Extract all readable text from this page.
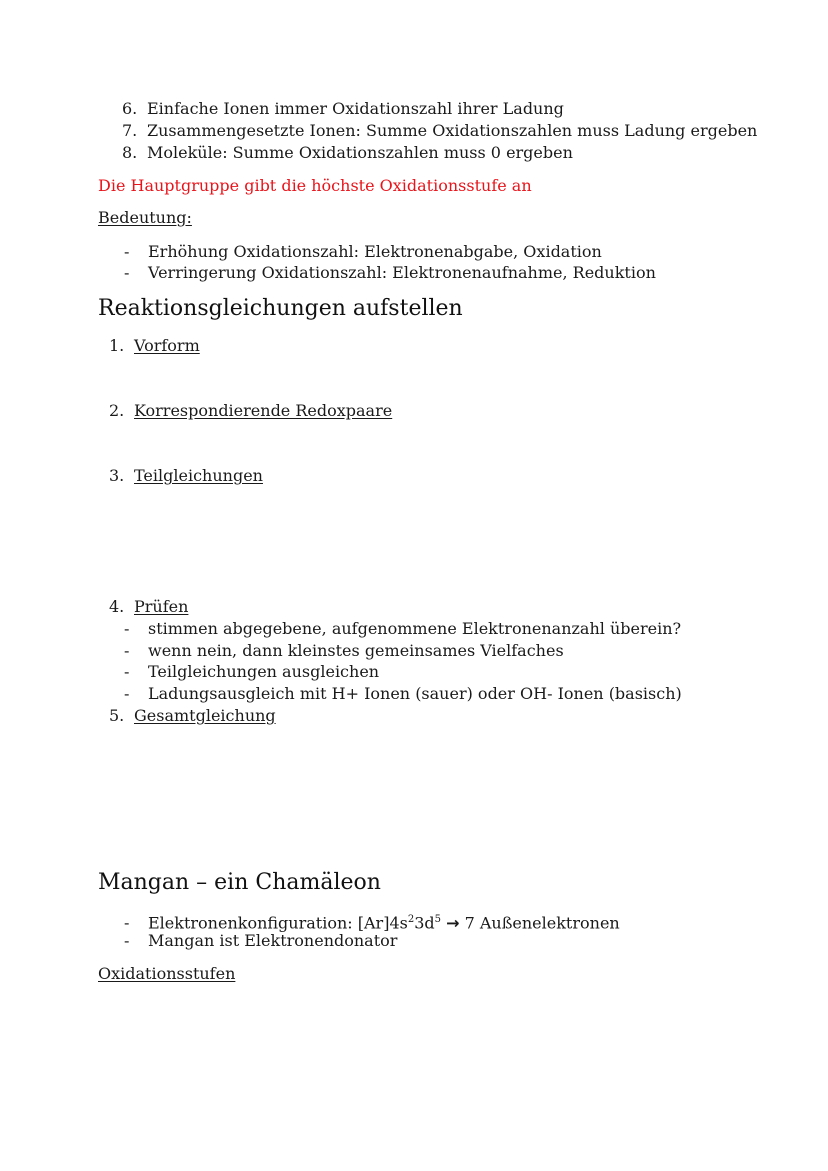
6. Einfache Ionen immer Oxidationszahl ihrer Ladung
7. Zusammengesetzte Ionen: Summe Oxidationszahlen muss Ladung ergeben
8. Moleküle: Summe Oxidationszahlen muss 0 ergeben
Die Hauptgruppe gibt die höchste Oxidationsstufe an
Bedeutung:
- Erhöhung Oxidationszahl: Elektronenabgabe, Oxidation
- Verringerung Oxidationszahl: Elektronenaufnahme, Reduktion
Reaktionsgleichungen aufstellen
1. Vorform
2. Korrespondierende Redoxpaare
3. Teilgleichungen
4. Prüfen
- stimmen abgegebene, aufgenommene Elektronenanzahl überein?
- wenn nein, dann kleinstes gemeinsames Vielfaches
- Teilgleichungen ausgleichen
- Ladungsausgleich mit H+ Ionen (sauer) oder OH- Ionen (basisch)
5. Gesamtgleichung
Mangan – ein Chamäleon
- Elektronenkonfiguration: $[Ar]4s^23d^5 \to 7$ Außenelektronen
- Mangan ist Elektronendonator
Oxidationsstufen
